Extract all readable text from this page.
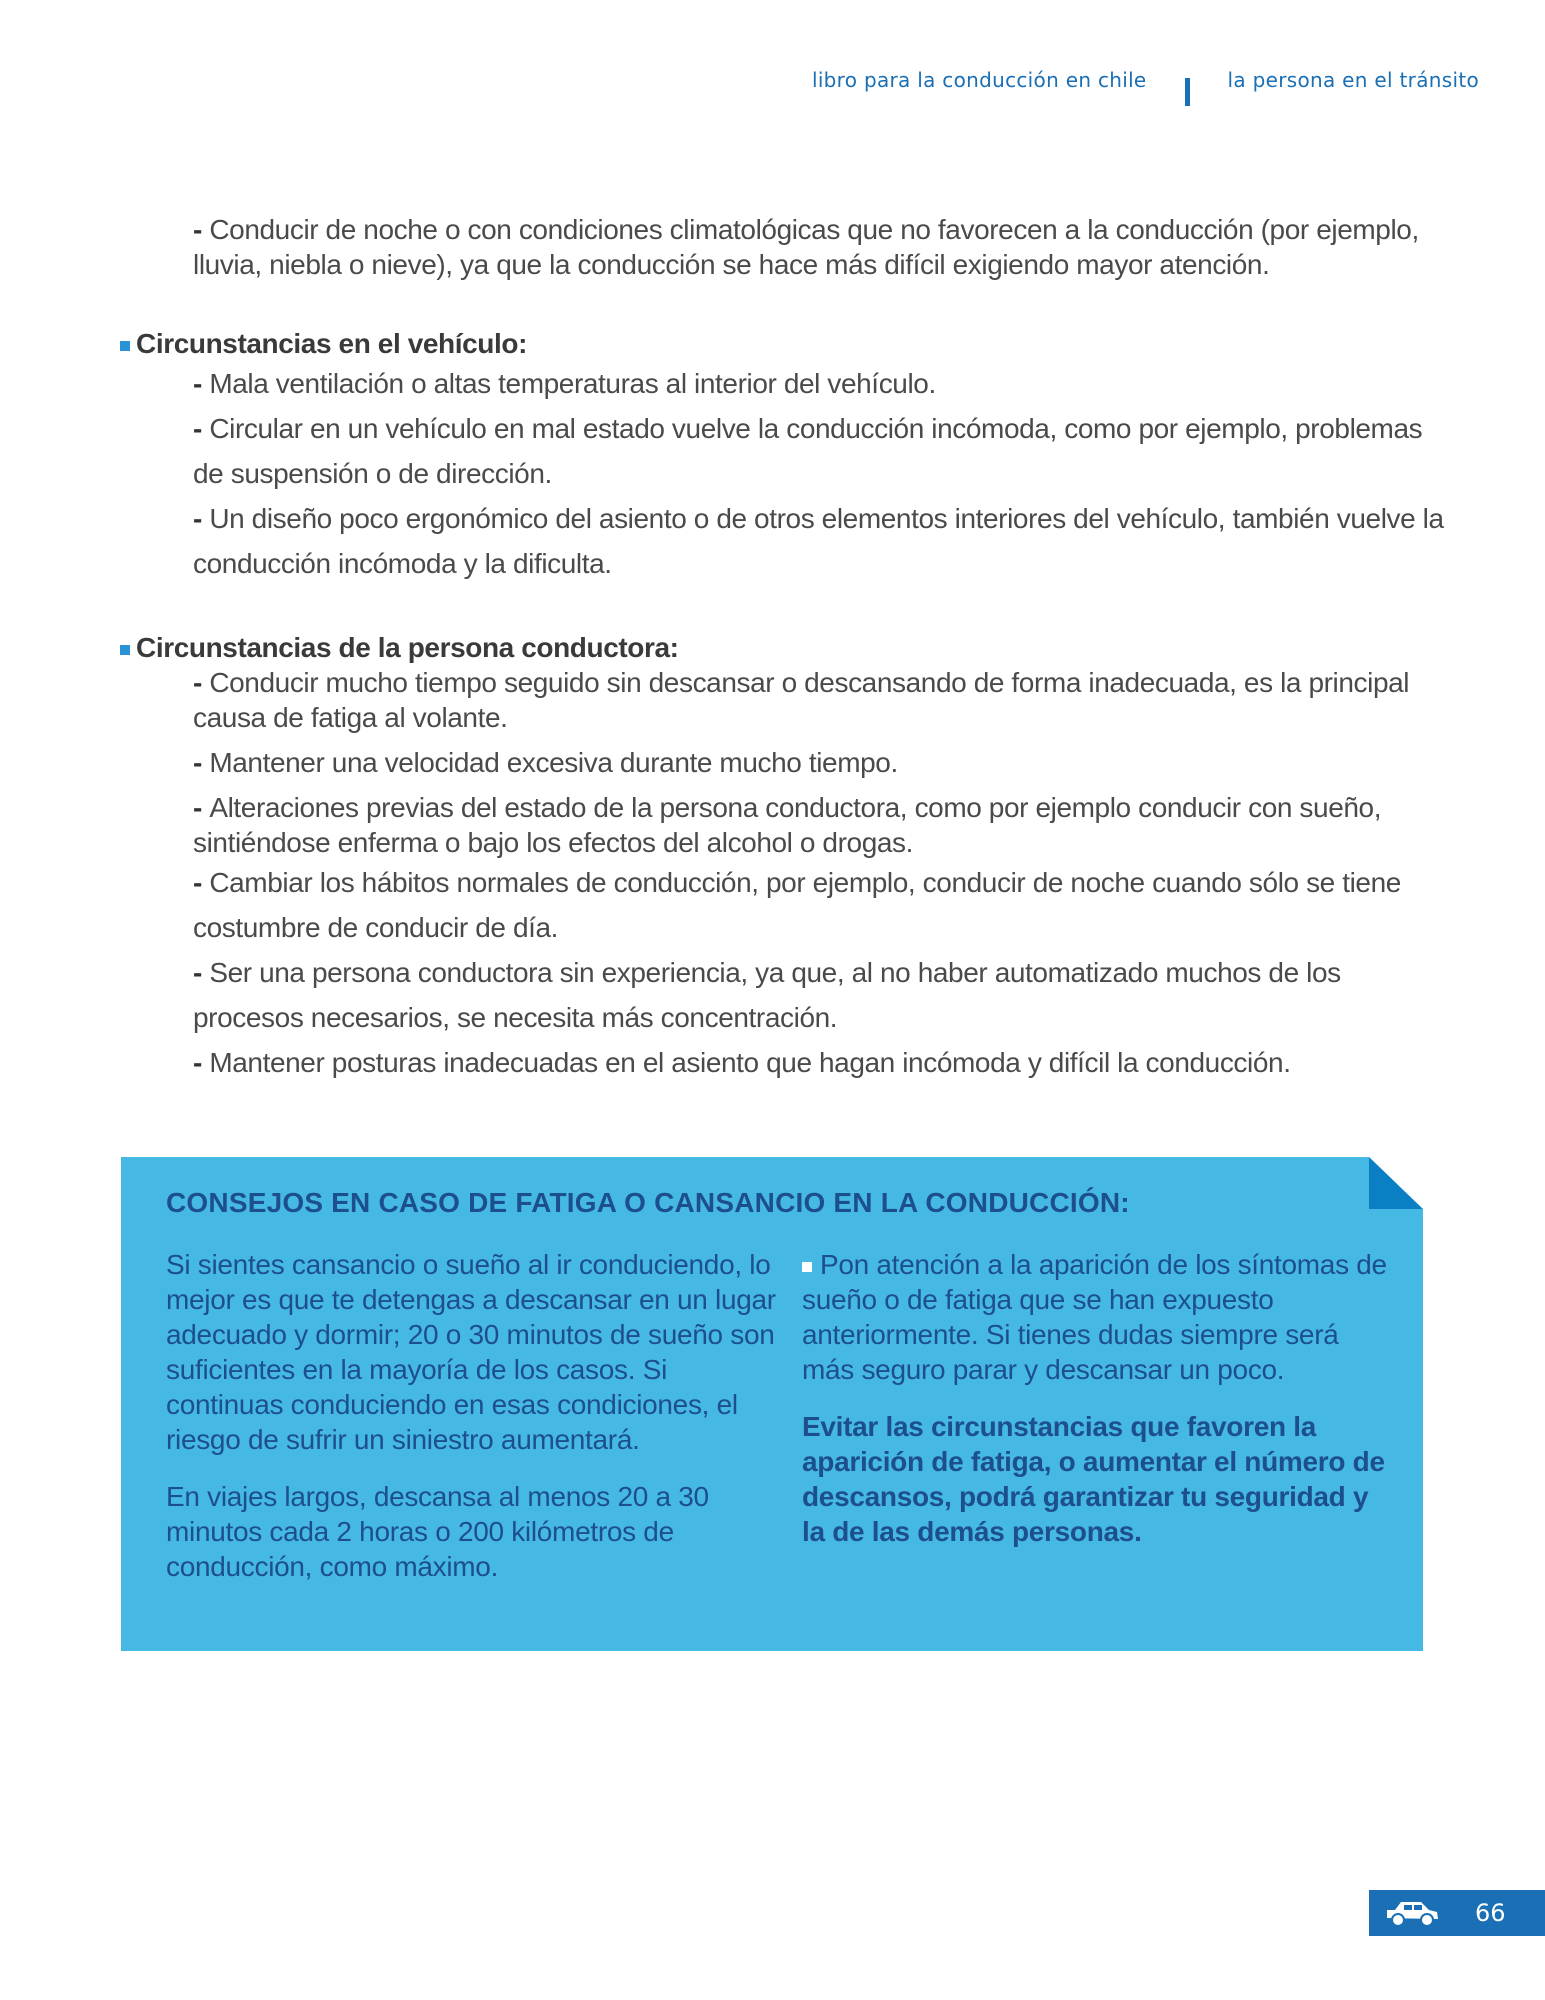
libro para la conducción en chile	la persona en el tránsito
- Conducir de noche o con condiciones climatológicas que no favorecen a la conducción (por ejemplo, lluvia, niebla o nieve), ya que la conducción se hace más difícil exigiendo mayor atención.
Circunstancias en el vehículo:
- Mala ventilación o altas temperaturas al interior del vehículo.
- Circular en un vehículo en mal estado vuelve la conducción incómoda, como por ejemplo, problemas de suspensión o de dirección.
- Un diseño poco ergonómico del asiento o de otros elementos interiores del vehículo, también vuelve la conducción incómoda y la dificulta.
Circunstancias de la persona conductora:
- Conducir mucho tiempo seguido sin descansar o descansando de forma inadecuada, es la principal causa de fatiga al volante.
- Mantener una velocidad excesiva durante mucho tiempo.
- Alteraciones previas del estado de la persona conductora, como por ejemplo conducir con sueño, sintiéndose enferma o bajo los efectos del alcohol o drogas.
- Cambiar los hábitos normales de conducción, por ejemplo, conducir de noche cuando sólo se tiene costumbre de conducir de día.
- Ser una persona conductora sin experiencia, ya que, al no haber automatizado muchos de los procesos necesarios, se necesita más concentración.
- Mantener posturas inadecuadas en el asiento que hagan incómoda y difícil la conducción.
CONSEJOS EN CASO DE FATIGA O CANSANCIO EN LA CONDUCCIÓN:

Si sientes cansancio o sueño al ir conduciendo, lo mejor es que te detengas a descansar en un lugar adecuado y dormir; 20 o 30 minutos de sueño son suficientes en la mayoría de los casos. Si continuas conduciendo en esas condiciones, el riesgo de sufrir un siniestro aumentará.

En viajes largos, descansa al menos 20 a 30 minutos cada 2 horas o 200 kilómetros de conducción, como máximo.

Pon atención a la aparición de los síntomas de sueño o de fatiga que se han expuesto anteriormente. Si tienes dudas siempre será más seguro parar y descansar un poco.

Evitar las circunstancias que favoren la aparición de fatiga, o aumentar el número de descansos, podrá garantizar tu seguridad y la de las demás personas.

66
